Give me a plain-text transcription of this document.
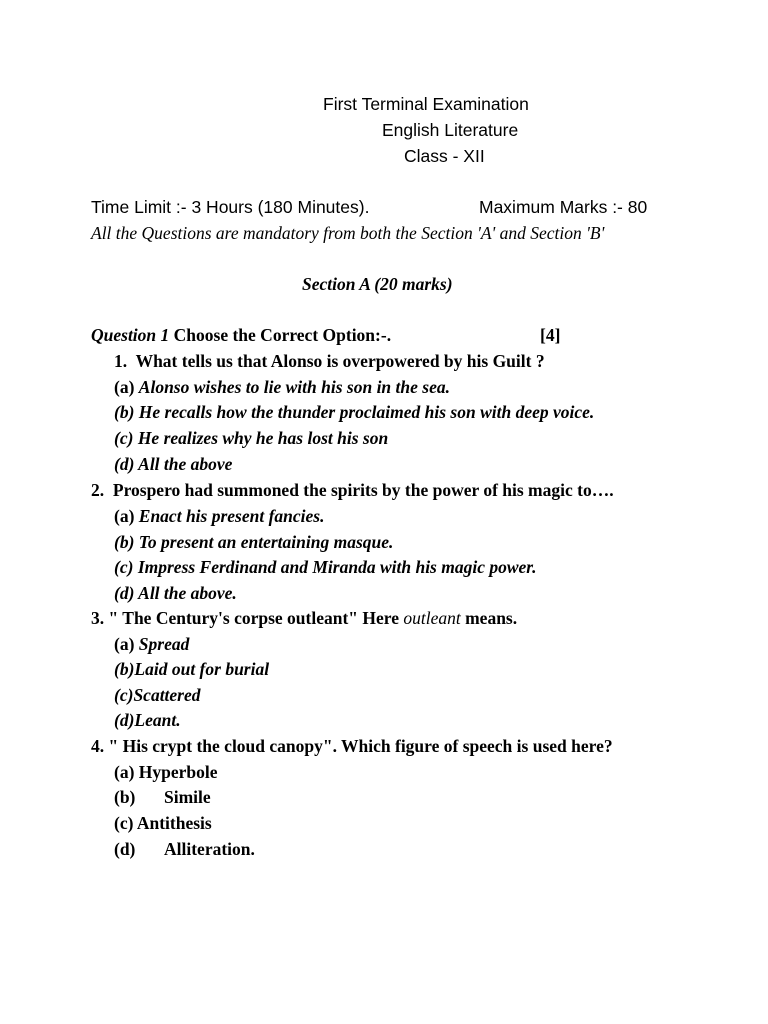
First Terminal Examination
English Literature
Class - XII
Time Limit :- 3 Hours (180 Minutes).	Maximum Marks :- 80
All the Questions are mandatory from both the Section 'A' and Section 'B'
Section A (20 marks)
Question 1 Choose the Correct Option:-.	[4]
1. What tells us that Alonso is overpowered by his Guilt ?
(a) Alonso wishes to lie with his son in the sea.
(b) He recalls how the thunder proclaimed his son with deep voice.
(c) He realizes why he has lost his son
(d) All the above
2. Prospero had summoned the spirits by the power of his magic to….
(a) Enact his present fancies.
(b) To present an entertaining masque.
(c) Impress Ferdinand and Miranda with his magic power.
(d) All the above.
3. " The Century's corpse outleant" Here outleant means.
(a) Spread
(b)Laid out for burial
(c)Scattered
(d)Leant.
4. " His crypt the cloud canopy". Which figure of speech is used here?
(a) Hyperbole
(b) Simile
(c) Antithesis
(d) Alliteration.
